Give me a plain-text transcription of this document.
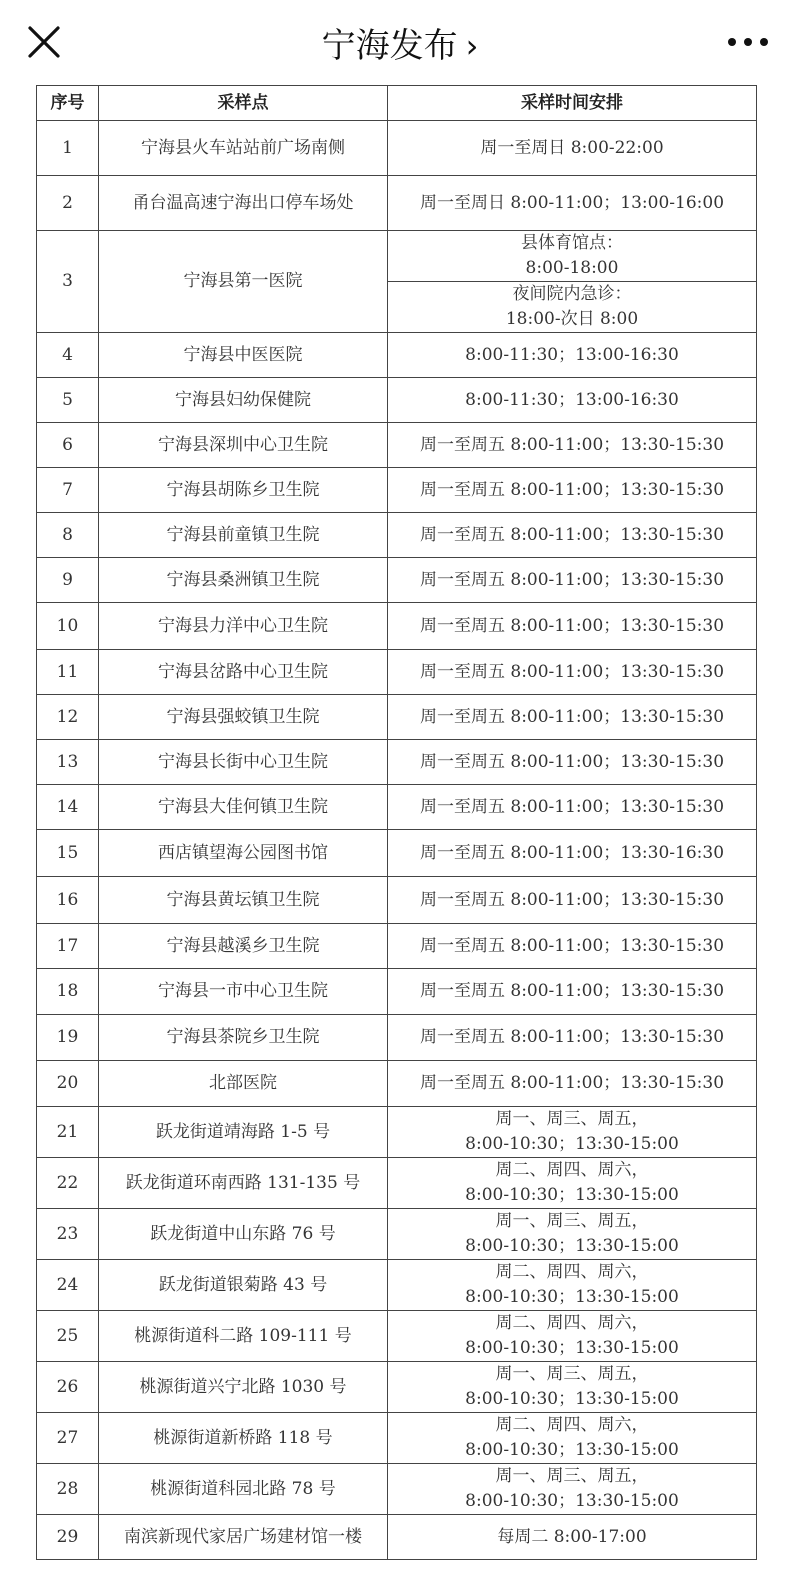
宁海发布 ›
序号	采样点	采样时间安排
1	宁海县火车站站前广场南侧	周一至周日 8:00-22:00

2	甬台温高速宁海出口停车场处	周一至周日 8:00-11:00；13:00-16:00

3	宁海县第一医院	县体育馆点：
8:00-18:00

		夜间院内急诊：
18:00-次日 8:00

4	宁海县中医医院	8:00-11:30；13:00-16:30

5	宁海县妇幼保健院	8:00-11:30；13:00-16:30

6	宁海县深圳中心卫生院	周一至周五 8:00-11:00；13:30-15:30

7	宁海县胡陈乡卫生院	周一至周五 8:00-11:00；13:30-15:30

8	宁海县前童镇卫生院	周一至周五 8:00-11:00；13:30-15:30

9	宁海县桑洲镇卫生院	周一至周五 8:00-11:00；13:30-15:30

10	宁海县力洋中心卫生院	周一至周五 8:00-11:00；13:30-15:30

11	宁海县岔路中心卫生院	周一至周五 8:00-11:00；13:30-15:30

12	宁海县强蛟镇卫生院	周一至周五 8:00-11:00；13:30-15:30

13	宁海县长街中心卫生院	周一至周五 8:00-11:00；13:30-15:30

14	宁海县大佳何镇卫生院	周一至周五 8:00-11:00；13:30-15:30

15	西店镇望海公园图书馆	周一至周五 8:00-11:00；13:30-16:30

16	宁海县黄坛镇卫生院	周一至周五 8:00-11:00；13:30-15:30

17	宁海县越溪乡卫生院	周一至周五 8:00-11:00；13:30-15:30

18	宁海县一市中心卫生院	周一至周五 8:00-11:00；13:30-15:30

19	宁海县茶院乡卫生院	周一至周五 8:00-11:00；13:30-15:30

20	北部医院	周一至周五 8:00-11:00；13:30-15:30

21	跃龙街道靖海路 1-5 号	周一、周三、周五，
8:00-10:30；13:30-15:00

22	跃龙街道环南西路 131-135 号	周二、周四、周六，
8:00-10:30；13:30-15:00

23	跃龙街道中山东路 76 号	周一、周三、周五，
8:00-10:30；13:30-15:00

24	跃龙街道银菊路 43 号	周二、周四、周六，
8:00-10:30；13:30-15:00

25	桃源街道科二路 109-111 号	周二、周四、周六，
8:00-10:30；13:30-15:00

26	桃源街道兴宁北路 1030 号	周一、周三、周五，
8:00-10:30；13:30-15:00

27	桃源街道新桥路 118 号	周二、周四、周六，
8:00-10:30；13:30-15:00

28	桃源街道科园北路 78 号	周一、周三、周五，
8:00-10:30；13:30-15:00

29	南滨新现代家居广场建材馆一楼	每周二 8:00-17:00
